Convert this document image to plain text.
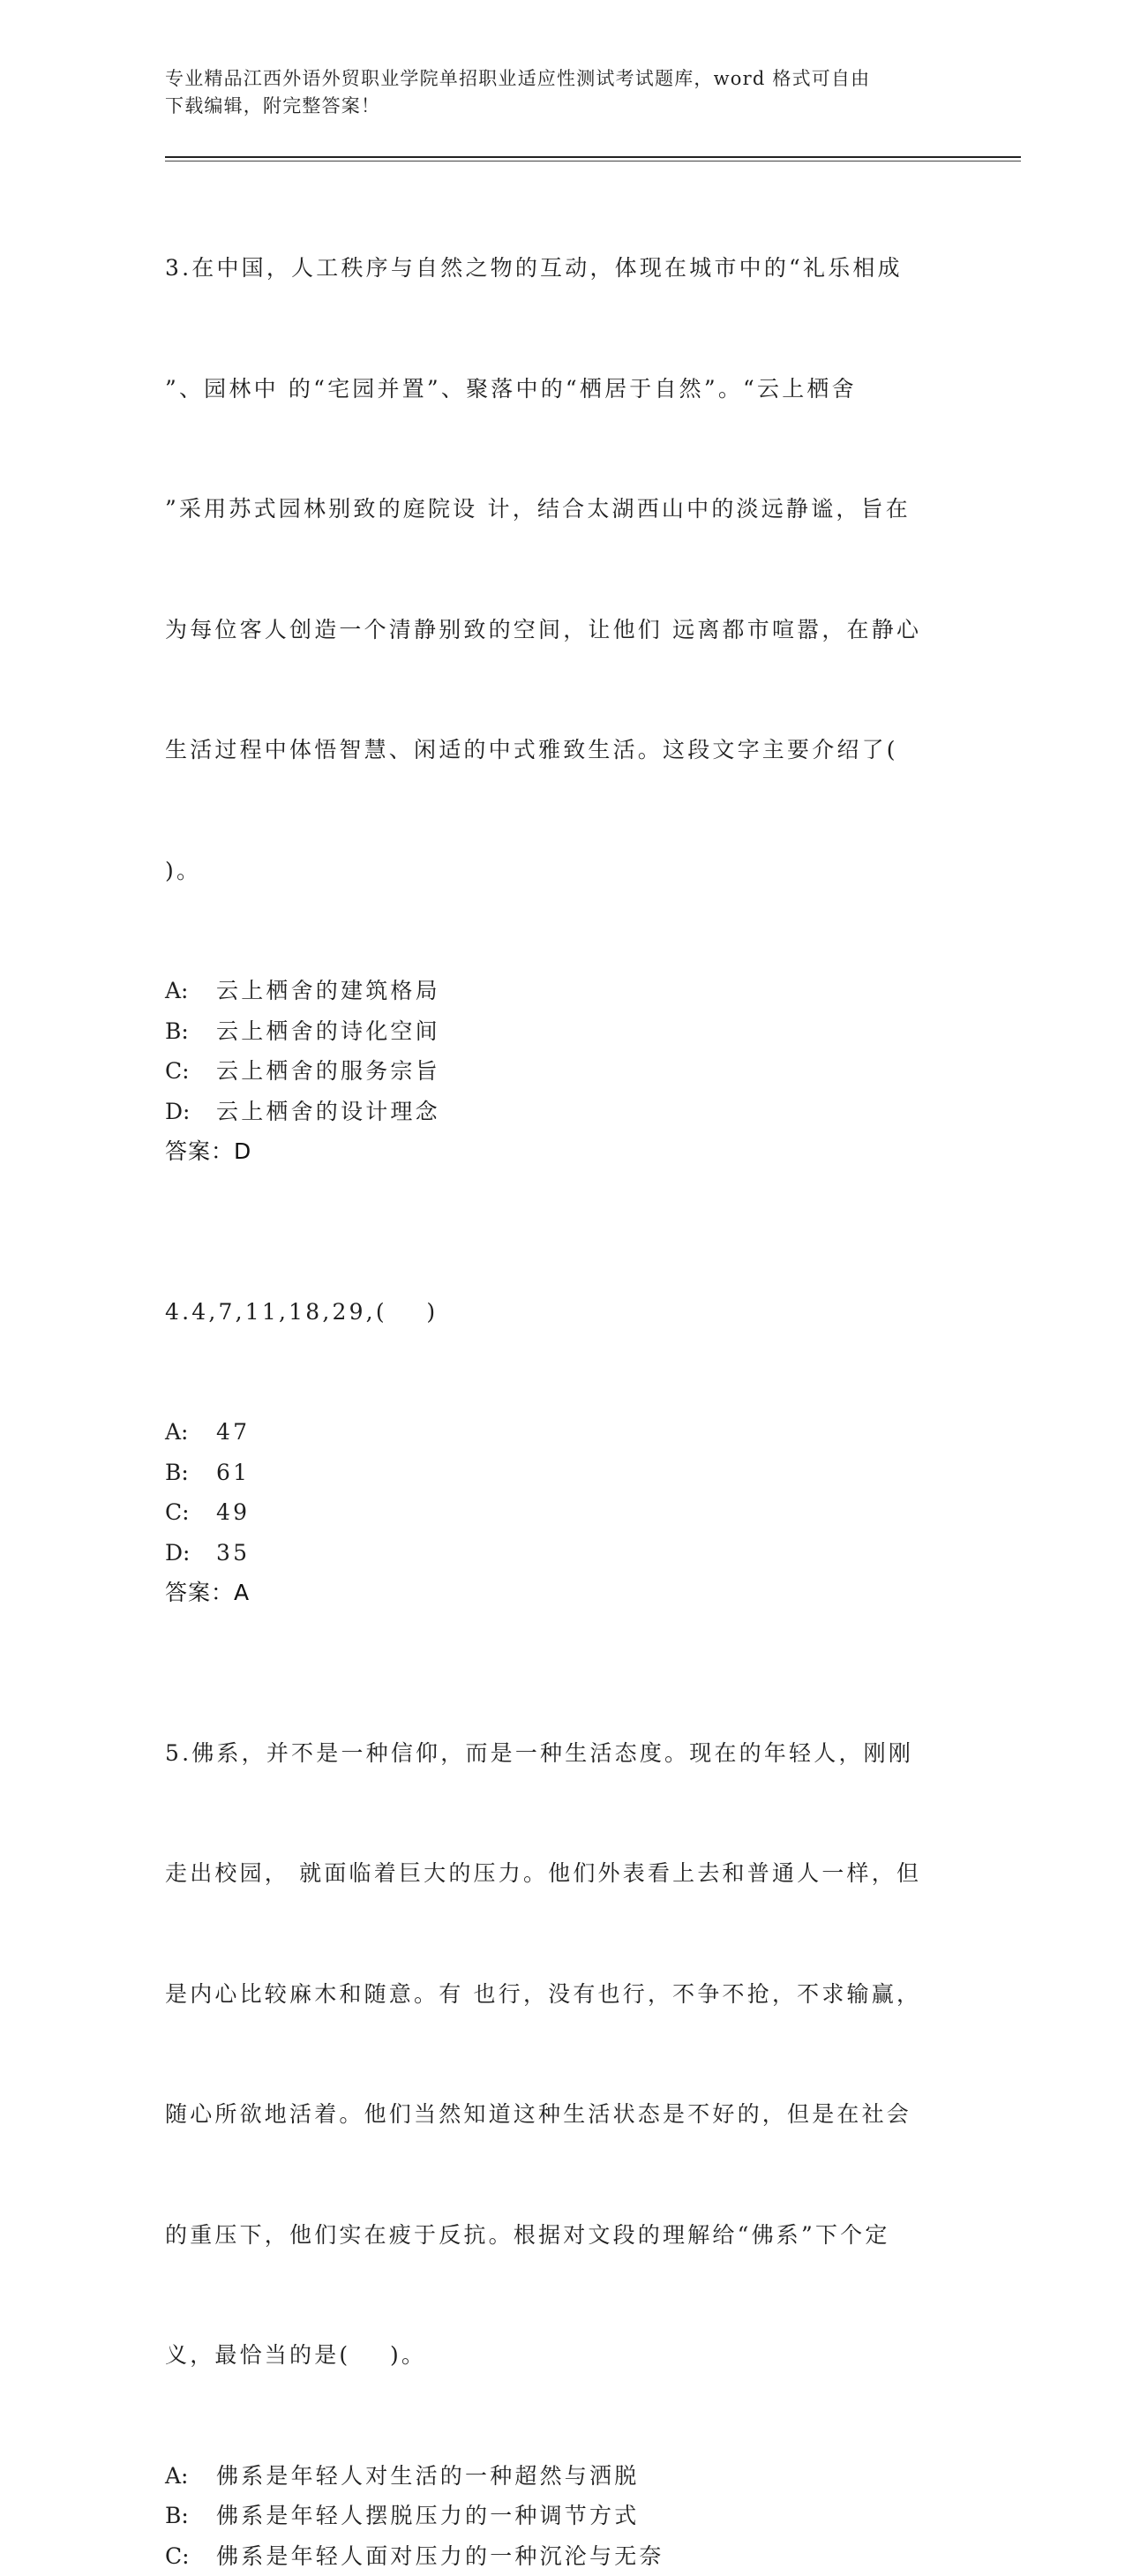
专业精品江西外语外贸职业学院单招职业适应性测试考试题库，word 格式可自由
下载编辑，附完整答案！

3.在中国，人工秩序与自然之物的互动，体现在城市中的“礼乐相成

”、园林中 的“宅园并置”、聚落中的“栖居于自然”。“云上栖舍

”采用苏式园林别致的庭院设 计，结合太湖西山中的淡远静谧，旨在

为每位客人创造一个清静别致的空间，让他们 远离都市喧嚣，在静心

生活过程中体悟智慧、闲适的中式雅致生活。这段文字主要介绍了(

)。

A: 云上栖舍的建筑格局
B: 云上栖舍的诗化空间
C: 云上栖舍的服务宗旨
D: 云上栖舍的设计理念
答案：D

4.4,7,11,18,29,(    )

A: 47
B: 61
C: 49
D: 35
答案：A

5.佛系，并不是一种信仰，而是一种生活态度。现在的年轻人，刚刚

走出校园， 就面临着巨大的压力。他们外表看上去和普通人一样，但

是内心比较麻木和随意。有 也行，没有也行，不争不抢，不求输赢，

随心所欲地活着。他们当然知道这种生活状态是不好的，但是在社会

的重压下，他们实在疲于反抗。根据对文段的理解给“佛系”下个定

义，最恰当的是(    )。

A: 佛系是年轻人对生活的一种超然与洒脱
B: 佛系是年轻人摆脱压力的一种调节方式
C: 佛系是年轻人面对压力的一种沉沦与无奈
